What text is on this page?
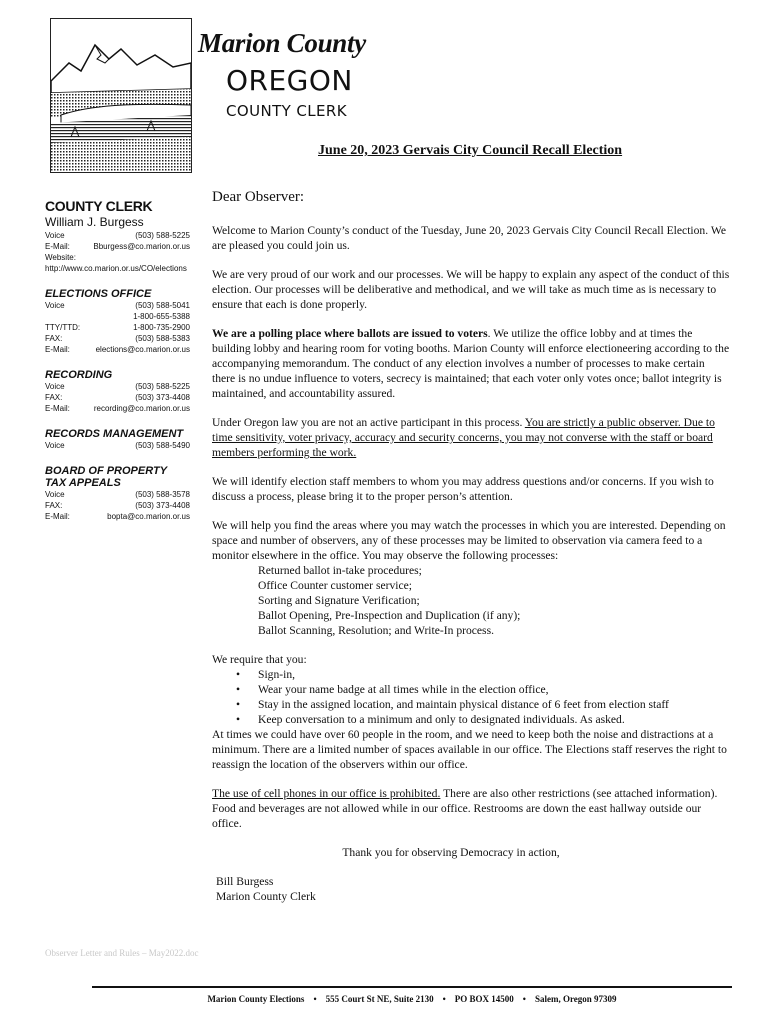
Marion County
OREGON
COUNTY CLERK
June 20, 2023 Gervais City Council Recall Election
COUNTY CLERK
William J. Burgess
Voice	(503) 588-5225
E-Mail:	Bburgess@co.marion.or.us
Website:
http://www.co.marion.or.us/CO/elections
ELECTIONS OFFICE
Voice	(503) 588-5041
1-800-655-5388
TTY/TTD:	1-800-735-2900
FAX:	(503) 588-5383
E-Mail:	elections@co.marion.or.us
RECORDING
Voice	(503) 588-5225
FAX:	(503) 373-4408
E-Mail:	recording@co.marion.or.us
RECORDS MANAGEMENT
Voice	(503) 588-5490
BOARD OF PROPERTY TAX APPEALS
Voice	(503) 588-3578
FAX:	(503) 373-4408
E-Mail:	bopta@co.marion.or.us

Dear Observer:

Welcome to Marion County’s conduct of the Tuesday, June 20, 2023 Gervais City Council Recall Election. We are pleased you could join us.

We are very proud of our work and our processes. We will be happy to explain any aspect of the conduct of this election. Our processes will be deliberative and methodical, and we will take as much time as is necessary to ensure that each is done properly.

We are a polling place where ballots are issued to voters. We utilize the office lobby and at times the building lobby and hearing room for voting booths. Marion County will enforce electioneering according to the accompanying memorandum. The conduct of any election involves a number of processes to make certain there is no undue influence to voters, secrecy is maintained; that each voter only votes once; ballot integrity is maintained, and accountability assured.

Under Oregon law you are not an active participant in this process. You are strictly a public observer. Due to time sensitivity, voter privacy, accuracy and security concerns, you may not converse with the staff or board members performing the work.

We will identify election staff members to whom you may address questions and/or concerns. If you wish to discuss a process, please bring it to the proper person’s attention.

We will help you find the areas where you may watch the processes in which you are interested. Depending on space and number of observers, any of these processes may be limited to observation via camera feed to a monitor elsewhere in the office. You may observe the following processes:

Returned ballot in-take procedures;
Office Counter customer service;
Sorting and Signature Verification;
Ballot Opening, Pre-Inspection and Duplication (if any);
Ballot Scanning, Resolution; and Write-In process.

We require that you:

• Sign-in,
• Wear your name badge at all times while in the election office,
• Stay in the assigned location, and maintain physical distance of 6 feet from election staff
• Keep conversation to a minimum and only to designated individuals. As asked.

At times we could have over 60 people in the room, and we need to keep both the noise and distractions at a minimum. There are a limited number of spaces available in our office. The Elections staff reserves the right to reassign the location of the observers within our office.

The use of cell phones in our office is prohibited. There are also other restrictions (see attached information). Food and beverages are not allowed while in our office. Restrooms are down the east hallway outside our office.

Thank you for observing Democracy in action,

Bill Burgess
Marion County Clerk
Observer Letter and Rules – May2022.doc
Marion County Elections • 555 Court St NE, Suite 2130 • PO BOX 14500 • Salem, Oregon 97309
